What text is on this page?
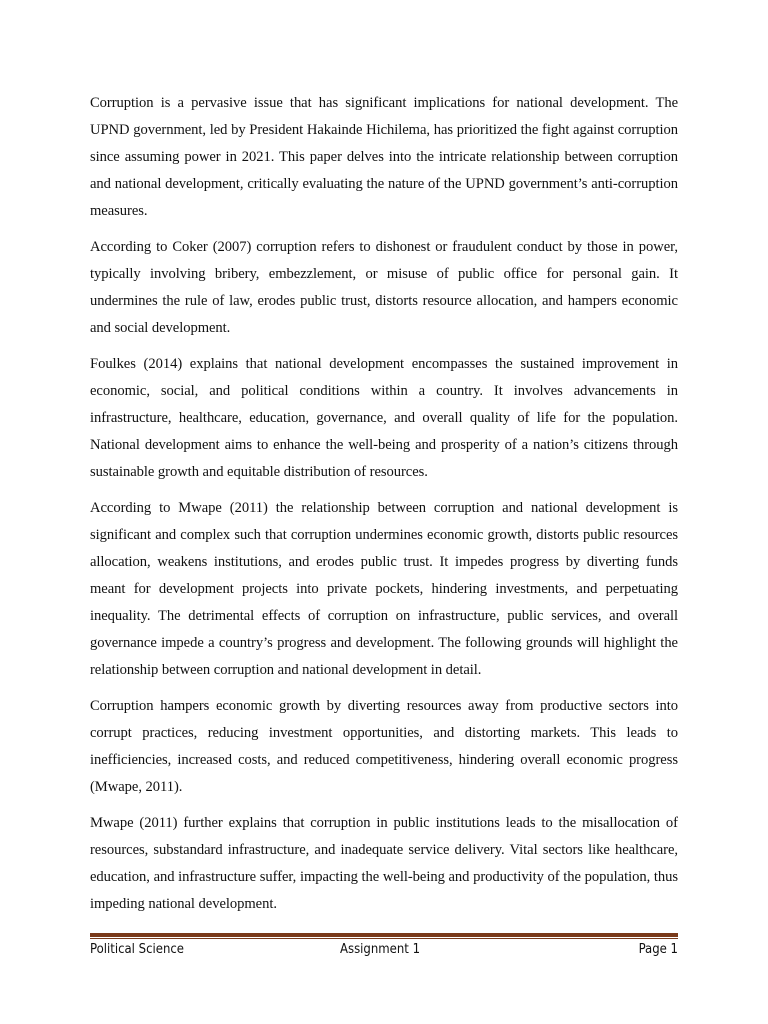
Corruption is a pervasive issue that has significant implications for national development. The UPND government, led by President Hakainde Hichilema, has prioritized the fight against corruption since assuming power in 2021. This paper delves into the intricate relationship between corruption and national development, critically evaluating the nature of the UPND government’s anti-corruption measures.

According to Coker (2007) corruption refers to dishonest or fraudulent conduct by those in power, typically involving bribery, embezzlement, or misuse of public office for personal gain. It undermines the rule of law, erodes public trust, distorts resource allocation, and hampers economic and social development.

Foulkes (2014) explains that national development encompasses the sustained improvement in economic, social, and political conditions within a country. It involves advancements in infrastructure, healthcare, education, governance, and overall quality of life for the population. National development aims to enhance the well-being and prosperity of a nation’s citizens through sustainable growth and equitable distribution of resources.

According to Mwape (2011) the relationship between corruption and national development is significant and complex such that corruption undermines economic growth, distorts public resources allocation, weakens institutions, and erodes public trust. It impedes progress by diverting funds meant for development projects into private pockets, hindering investments, and perpetuating inequality. The detrimental effects of corruption on infrastructure, public services, and overall governance impede a country’s progress and development. The following grounds will highlight the relationship between corruption and national development in detail.

Corruption hampers economic growth by diverting resources away from productive sectors into corrupt practices, reducing investment opportunities, and distorting markets. This leads to inefficiencies, increased costs, and reduced competitiveness, hindering overall economic progress (Mwape, 2011).

Mwape (2011) further explains that corruption in public institutions leads to the misallocation of resources, substandard infrastructure, and inadequate service delivery. Vital sectors like healthcare, education, and infrastructure suffer, impacting the well-being and productivity of the population, thus impeding national development.

Political Science	Assignment 1	Page 1
